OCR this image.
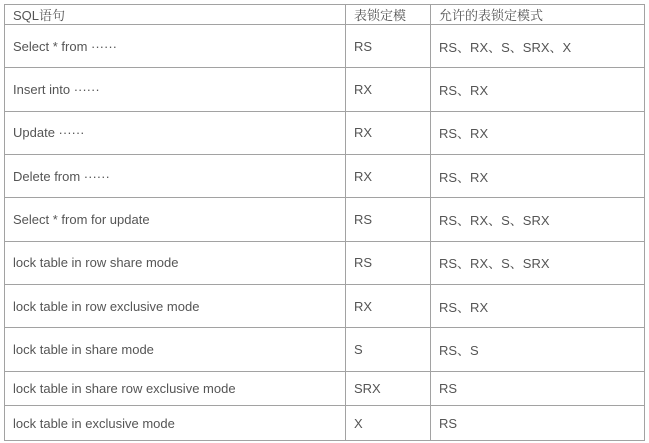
SQL语句	表锁定模	允许的表锁定模式
Select * from ······	RS	RS、RX、S、SRX、X
Insert into ······	RX	RS、RX
Update ······	RX	RS、RX
Delete from ······	RX	RS、RX
Select * from for update	RS	RS、RX、S、SRX
lock table in row share mode	RS	RS、RX、S、SRX
lock table in row exclusive mode	RX	RS、RX
lock table in share mode	S	RS、S
lock table in share row exclusive mode	SRX	RS
lock table in exclusive mode	X	RS
